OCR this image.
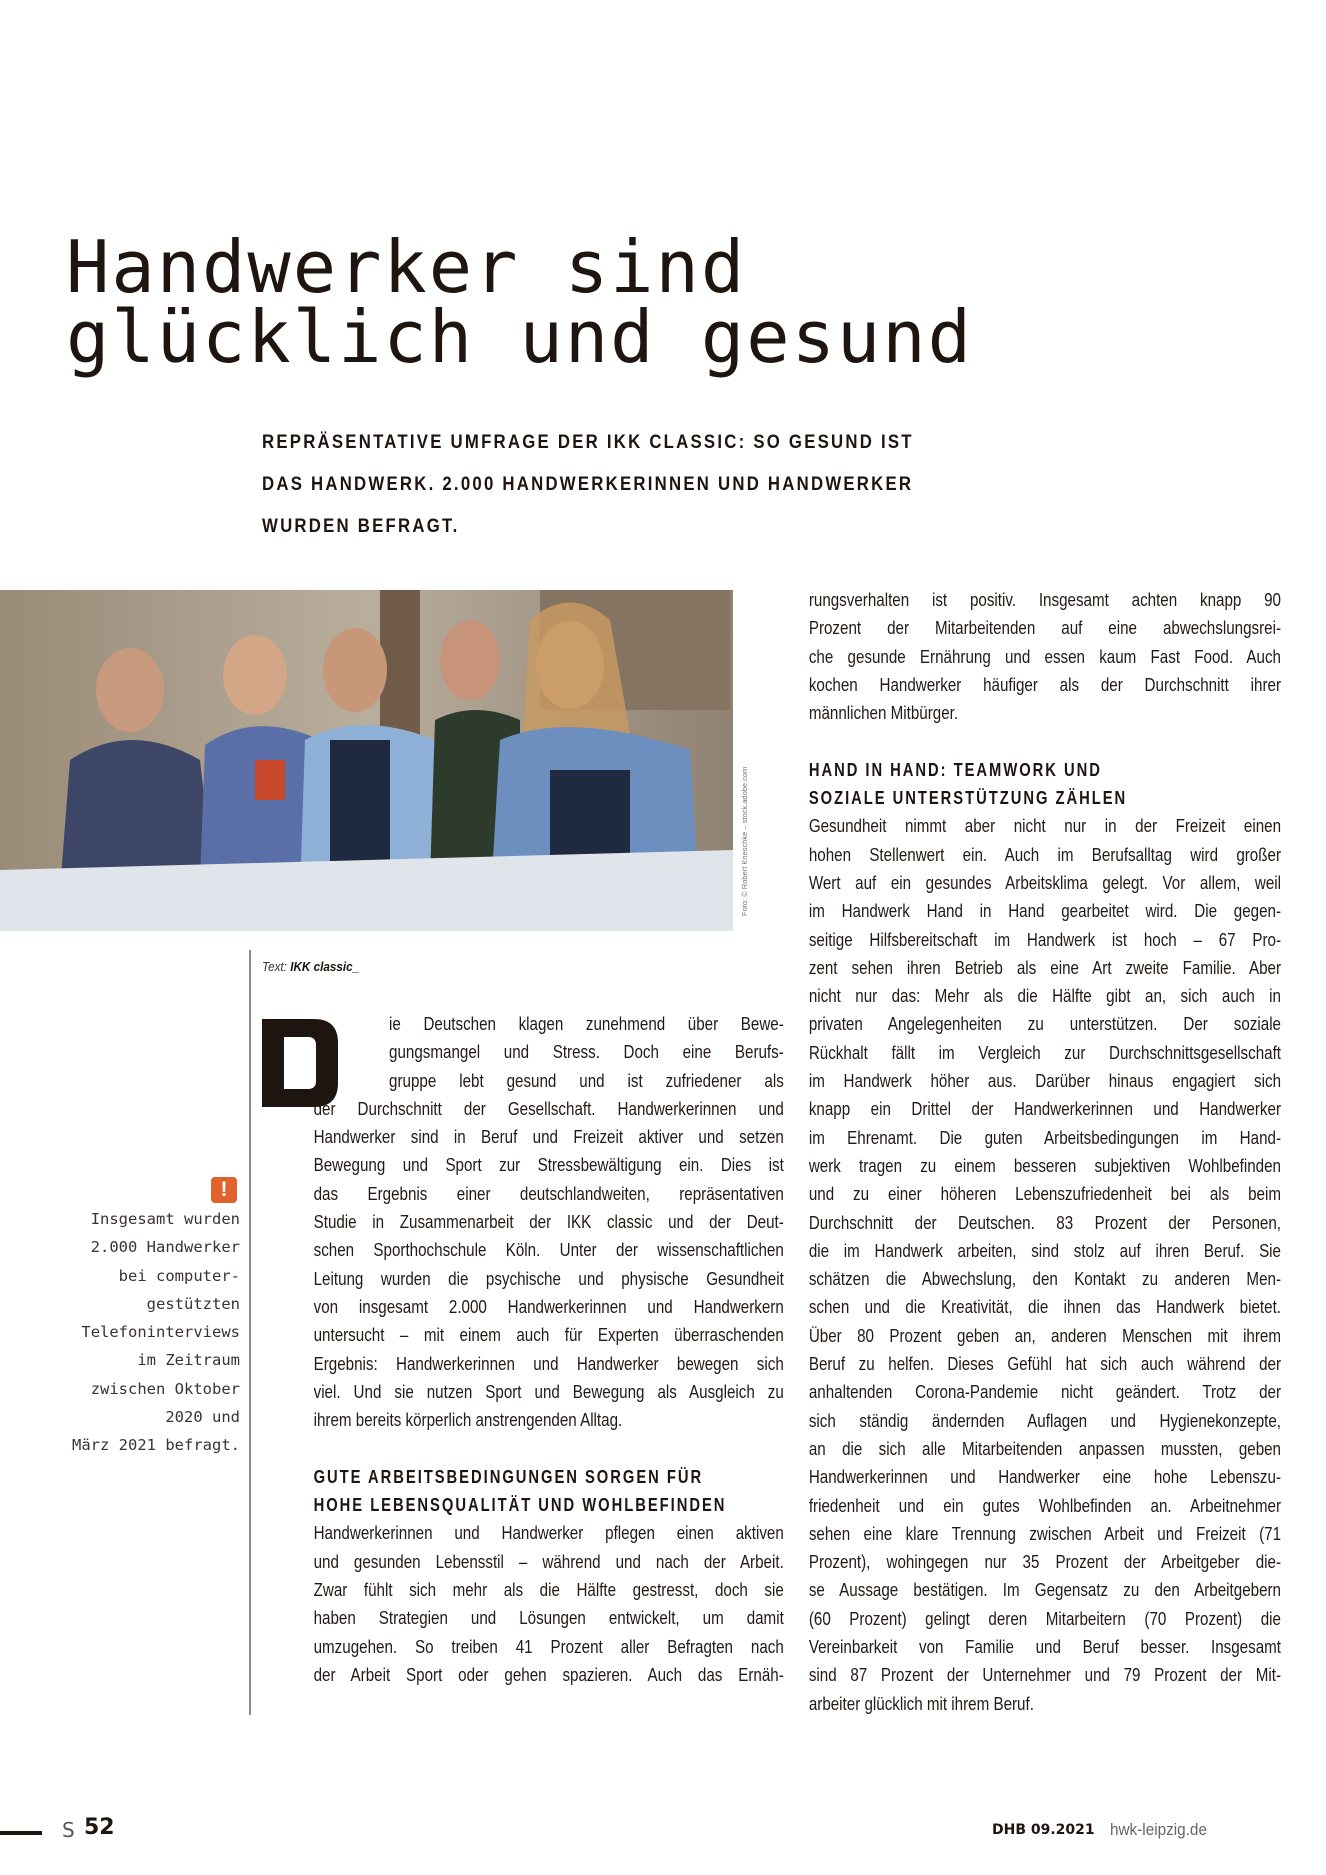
Handwerker sind
glücklich und gesund
REPRÄSENTATIVE UMFRAGE DER IKK CLASSIC: SO GESUND IST
DAS HANDWERK. 2.000 HANDWERKERINNEN UND HANDWERKER
WURDEN BEFRAGT.
Foto: © Robert Kneschke – stock.adobe.com
Text: IKK classic_
ie Deutschen klagen zunehmend über Bewe-
gungsmangel und Stress. Doch eine Berufs-
gruppe lebt gesund und ist zufriedener als
der Durchschnitt der Gesellschaft. Handwerkerinnen und
Handwerker sind in Beruf und Freizeit aktiver und setzen
Bewegung und Sport zur Stressbewältigung ein. Dies ist
das Ergebnis einer deutschlandweiten, repräsentativen
Studie in Zusammenarbeit der IKK classic und der Deut-
schen Sporthochschule Köln. Unter der wissenschaftlichen
Leitung wurden die psychische und physische Gesundheit
von insgesamt 2.000 Handwerkerinnen und Handwerkern
untersucht – mit einem auch für Experten überraschenden
Ergebnis: Handwerkerinnen und Handwerker bewegen sich
viel. Und sie nutzen Sport und Bewegung als Ausgleich zu
ihrem bereits körperlich anstrengenden Alltag.

GUTE ARBEITSBEDINGUNGEN SORGEN FÜR
HOHE LEBENSQUALITÄT UND WOHLBEFINDEN
Handwerkerinnen und Handwerker pflegen einen aktiven
und gesunden Lebensstil – während und nach der Arbeit.
Zwar fühlt sich mehr als die Hälfte gestresst, doch sie
haben Strategien und Lösungen entwickelt, um damit
umzugehen. So treiben 41 Prozent aller Befragten nach
der Arbeit Sport oder gehen spazieren. Auch das Ernäh-
rungsverhalten ist positiv. Insgesamt achten knapp 90
Prozent der Mitarbeitenden auf eine abwechslungsrei-
che gesunde Ernährung und essen kaum Fast Food. Auch
kochen Handwerker häufiger als der Durchschnitt ihrer
männlichen Mitbürger.

HAND IN HAND: TEAMWORK UND
SOZIALE UNTERSTÜTZUNG ZÄHLEN
Gesundheit nimmt aber nicht nur in der Freizeit einen
hohen Stellenwert ein. Auch im Berufsalltag wird großer
Wert auf ein gesundes Arbeitsklima gelegt. Vor allem, weil
im Handwerk Hand in Hand gearbeitet wird. Die gegen-
seitige Hilfsbereitschaft im Handwerk ist hoch – 67 Pro-
zent sehen ihren Betrieb als eine Art zweite Familie. Aber
nicht nur das: Mehr als die Hälfte gibt an, sich auch in
privaten Angelegenheiten zu unterstützen. Der soziale
Rückhalt fällt im Vergleich zur Durchschnittsgesellschaft
im Handwerk höher aus. Darüber hinaus engagiert sich
knapp ein Drittel der Handwerkerinnen und Handwerker
im Ehrenamt. Die guten Arbeitsbedingungen im Hand-
werk tragen zu einem besseren subjektiven Wohlbefinden
und zu einer höheren Lebenszufriedenheit bei als beim
Durchschnitt der Deutschen. 83 Prozent der Personen,
die im Handwerk arbeiten, sind stolz auf ihren Beruf. Sie
schätzen die Abwechslung, den Kontakt zu anderen Men-
schen und die Kreativität, die ihnen das Handwerk bietet.
Über 80 Prozent geben an, anderen Menschen mit ihrem
Beruf zu helfen. Dieses Gefühl hat sich auch während der
anhaltenden Corona-Pandemie nicht geändert. Trotz der
sich ständig ändernden Auflagen und Hygienekonzepte,
an die sich alle Mitarbeitenden anpassen mussten, geben
Handwerkerinnen und Handwerker eine hohe Lebenszu-
friedenheit und ein gutes Wohlbefinden an. Arbeitnehmer
sehen eine klare Trennung zwischen Arbeit und Freizeit (71
Prozent), wohingegen nur 35 Prozent der Arbeitgeber die-
se Aussage bestätigen. Im Gegensatz zu den Arbeitgebern
(60 Prozent) gelingt deren Mitarbeitern (70 Prozent) die
Vereinbarkeit von Familie und Beruf besser. Insgesamt
sind 87 Prozent der Unternehmer und 79 Prozent der Mit-
arbeiter glücklich mit ihrem Beruf.
!
Insgesamt wurden
2.000 Handwerker
bei computer-
gestützten
Telefoninterviews
im Zeitraum
zwischen Oktober
2020 und
März 2021 befragt.
S 52	DHB 09.2021 hwk-leipzig.de
